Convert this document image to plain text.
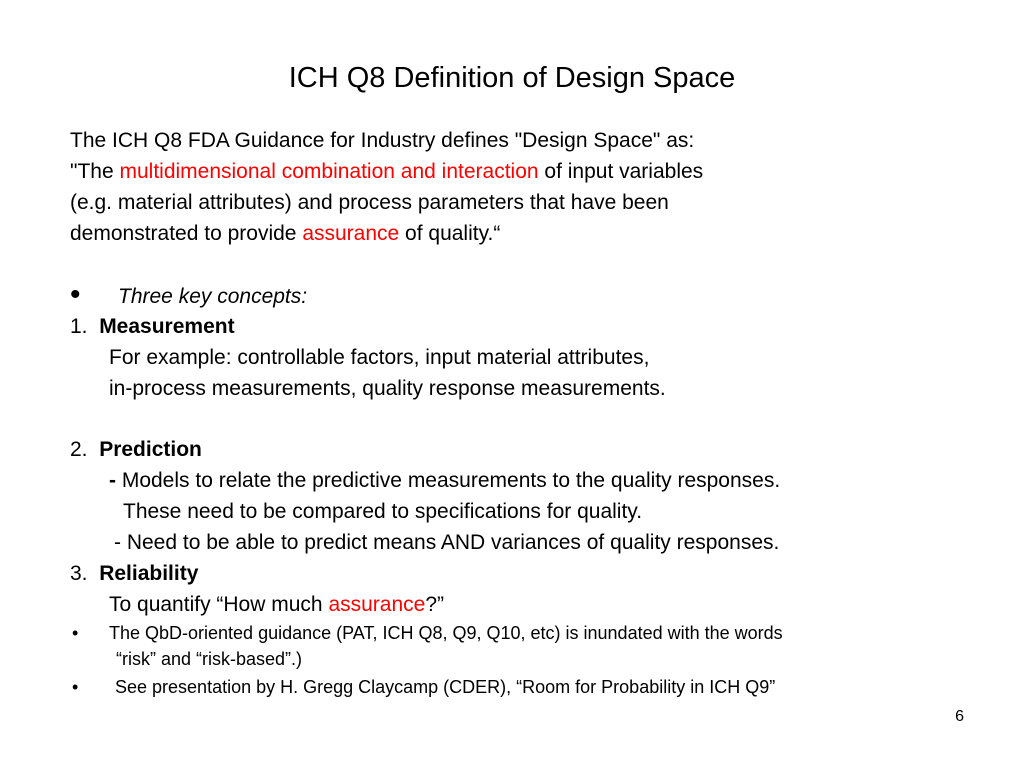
ICH Q8 Definition of Design Space
The ICH Q8 FDA Guidance for Industry defines "Design Space" as:
"The multidimensional combination and interaction of input variables
(e.g. material attributes) and process parameters that have been
demonstrated to provide assurance of quality.“
• Three key concepts:
1. Measurement
For example: controllable factors, input material attributes,
in-process measurements, quality response measurements.
2. Prediction
- Models to relate the predictive measurements to the quality responses.
These need to be compared to specifications for quality.
- Need to be able to predict means AND variances of quality responses.
3. Reliability
To quantify “How much assurance?”
• The QbD-oriented guidance (PAT, ICH Q8, Q9, Q10, etc) is inundated with the words
“risk” and “risk-based”.)
• See presentation by H. Gregg Claycamp (CDER), “Room for Probability in ICH Q9”
6
